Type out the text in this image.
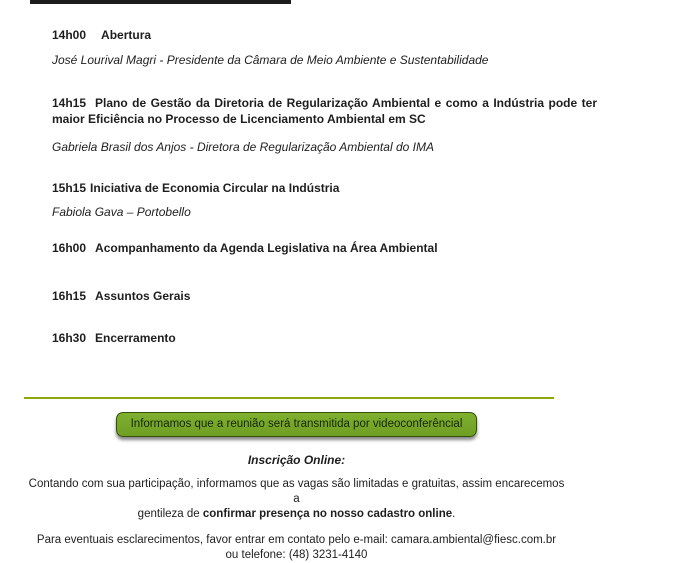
14h00 Abertura
José Lourival Magri - Presidente da Câmara de Meio Ambiente e Sustentabilidade
14h15 Plano de Gestão da Diretoria de Regularização Ambiental e como a Indústria pode ter maior Eficiência no Processo de Licenciamento Ambiental em SC
Gabriela Brasil dos Anjos - Diretora de Regularização Ambiental do IMA
15h15 Iniciativa de Economia Circular na Indústria
Fabiola Gava – Portobello
16h00 Acompanhamento da Agenda Legislativa na Área Ambiental
16h15 Assuntos Gerais
16h30 Encerramento
Informamos que a reunião será transmitida por videoconferêncial
Inscrição Online:
Contando com sua participação, informamos que as vagas são limitadas e gratuitas, assim encarecemos a
gentileza de confirmar presença no nosso cadastro online.
Para eventuais esclarecimentos, favor entrar em contato pelo e-mail: camara.ambiental@fiesc.com.br
ou telefone: (48) 3231-4140
